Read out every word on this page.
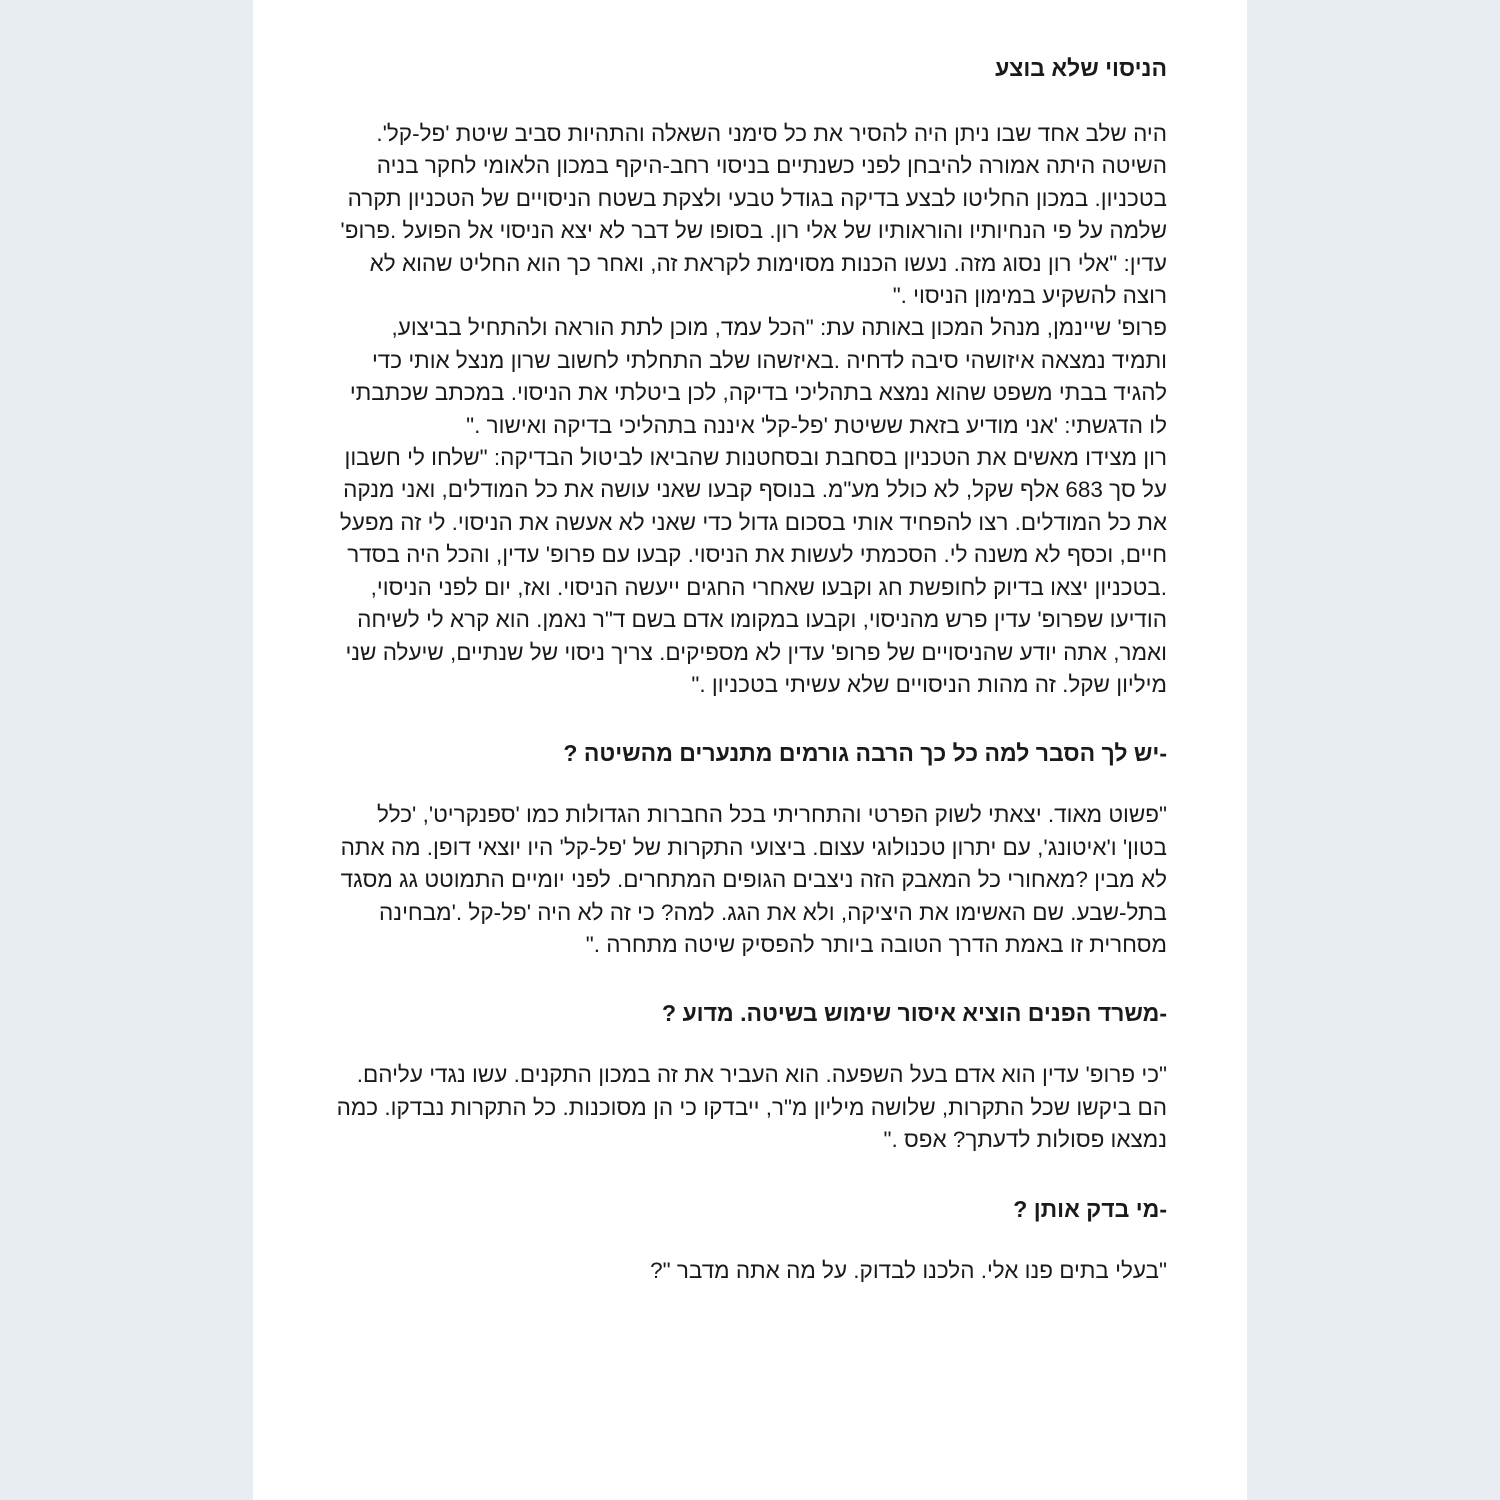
הניסוי שלא בוצע

היה שלב אחד שבו ניתן היה להסיר את כל סימני השאלה והתהיות סביב שיטת 'פל-קל'. השיטה היתה אמורה להיבחן לפני כשנתיים בניסוי רחב-היקף במכון הלאומי לחקר בניה בטכניון. במכון החליטו לבצע בדיקה בגודל טבעי ולצקת בשטח הניסויים של הטכניון תקרה שלמה על פי הנחיותיו והוראותיו של אלי רון. בסופו של דבר לא יצא הניסוי אל הפועל .פרופ' עדין: "אלי רון נסוג מזה. נעשו הכנות מסוימות לקראת זה, ואחר כך הוא החליט שהוא לא רוצה להשקיע במימון הניסוי ."

פרופ' שיינמן, מנהל המכון באותה עת: "הכל עמד, מוכן לתת הוראה ולהתחיל בביצוע, ותמיד נמצאה איזושהי סיבה לדחיה .באיזשהו שלב התחלתי לחשוב שרון מנצל אותי כדי להגיד בבתי משפט שהוא נמצא בתהליכי בדיקה, לכן ביטלתי את הניסוי. במכתב שכתבתי לו הדגשתי: 'אני מודיע בזאת ששיטת 'פל-קל' איננה בתהליכי בדיקה ואישור ."

רון מצידו מאשים את הטכניון בסחבת ובסחטנות שהביאו לביטול הבדיקה: "שלחו לי חשבון על סך 683 אלף שקל, לא כולל מע"מ. בנוסף קבעו שאני עושה את כל המודלים, ואני מנקה את כל המודלים. רצו להפחיד אותי בסכום גדול כדי שאני לא אעשה את הניסוי. לי זה מפעל חיים, וכסף לא משנה לי. הסכמתי לעשות את הניסוי. קבעו עם פרופ' עדין, והכל היה בסדר .בטכניון יצאו בדיוק לחופשת חג וקבעו שאחרי החגים ייעשה הניסוי. ואז, יום לפני הניסוי, הודיעו שפרופ' עדין פרש מהניסוי, וקבעו במקומו אדם בשם ד"ר נאמן. הוא קרא לי לשיחה ואמר, אתה יודע שהניסויים של פרופ' עדין לא מספיקים. צריך ניסוי של שנתיים, שיעלה שני מיליון שקל. זה מהות הניסויים שלא עשיתי בטכניון ."

-יש לך הסבר למה כל כך הרבה גורמים מתנערים מהשיטה ?

"פשוט מאוד. יצאתי לשוק הפרטי והתחריתי בכל החברות הגדולות כמו 'ספנקריט', 'כלל בטון' ו'איטונג', עם יתרון טכנולוגי עצום. ביצועי התקרות של 'פל-קל' היו יוצאי דופן. מה אתה לא מבין ?מאחורי כל המאבק הזה ניצבים הגופים המתחרים. לפני יומיים התמוטט גג מסגד בתל-שבע. שם האשימו את היציקה, ולא את הגג. למה? כי זה לא היה 'פל-קל .'מבחינה מסחרית זו באמת הדרך הטובה ביותר להפסיק שיטה מתחרה ."

-משרד הפנים הוציא איסור שימוש בשיטה. מדוע ?

"כי פרופ' עדין הוא אדם בעל השפעה. הוא העביר את זה במכון התקנים. עשו נגדי עליהם. הם ביקשו שכל התקרות, שלושה מיליון מ"ר, ייבדקו כי הן מסוכנות. כל התקרות נבדקו. כמה נמצאו פסולות לדעתך? אפס ."

-מי בדק אותן ?

"בעלי בתים פנו אלי. הלכנו לבדוק. על מה אתה מדבר "?
